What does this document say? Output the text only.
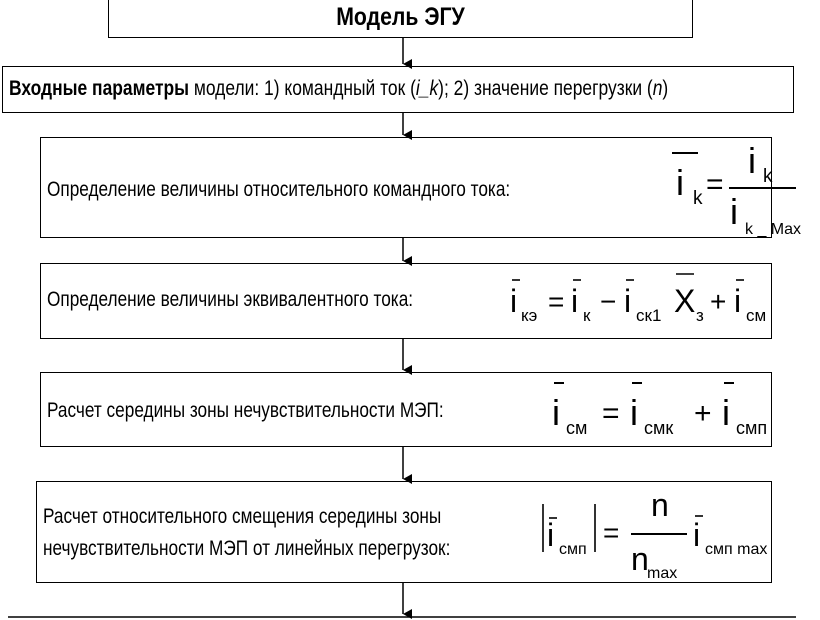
Модель ЭГУ
Входные параметры модели: 1) командный ток (i_k); 2) значение перегрузки (n)
Определение величины относительного командного тока:	i k =
i k
i k _ Max
Определение величины эквивалентного тока:	i кэ = i к − i ск1 X з + i см
Расчет середины зоны нечувствительности МЭП:	i см = i смк + i смп
Расчет относительного смещения середины зоны
нечувствительности МЭП от линейных перегрузок:	i смп
=
n
n
max
i смп max
